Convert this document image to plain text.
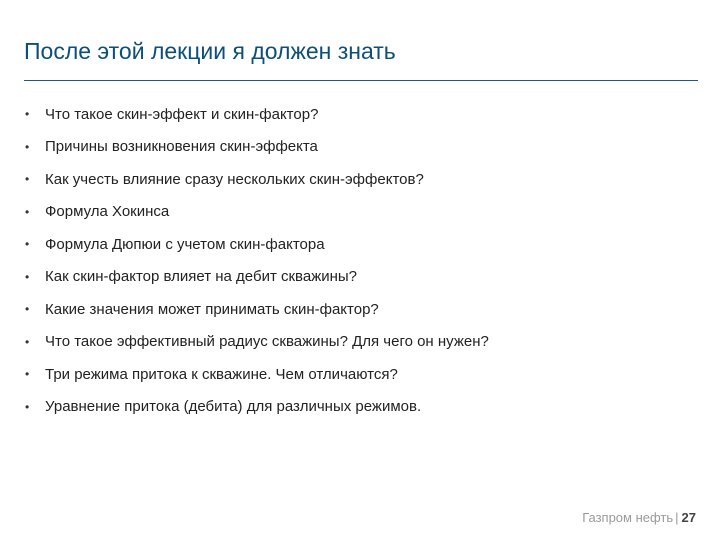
После этой лекции я должен знать
•	Что такое скин-эффект и скин-фактор?
•	Причины возникновения скин-эффекта
•	Как учесть влияние сразу нескольких скин-эффектов?
•	Формула Хокинса
•	Формула Дюпюи с учетом скин-фактора
•	Как скин-фактор влияет на дебит скважины?
•	Какие значения может принимать скин-фактор?
•	Что такое эффективный радиус скважины? Для чего он нужен?
•	Три режима притока к скважине. Чем отличаются?
•	Уравнение притока (дебита) для различных режимов.
Газпром нефть | 27
